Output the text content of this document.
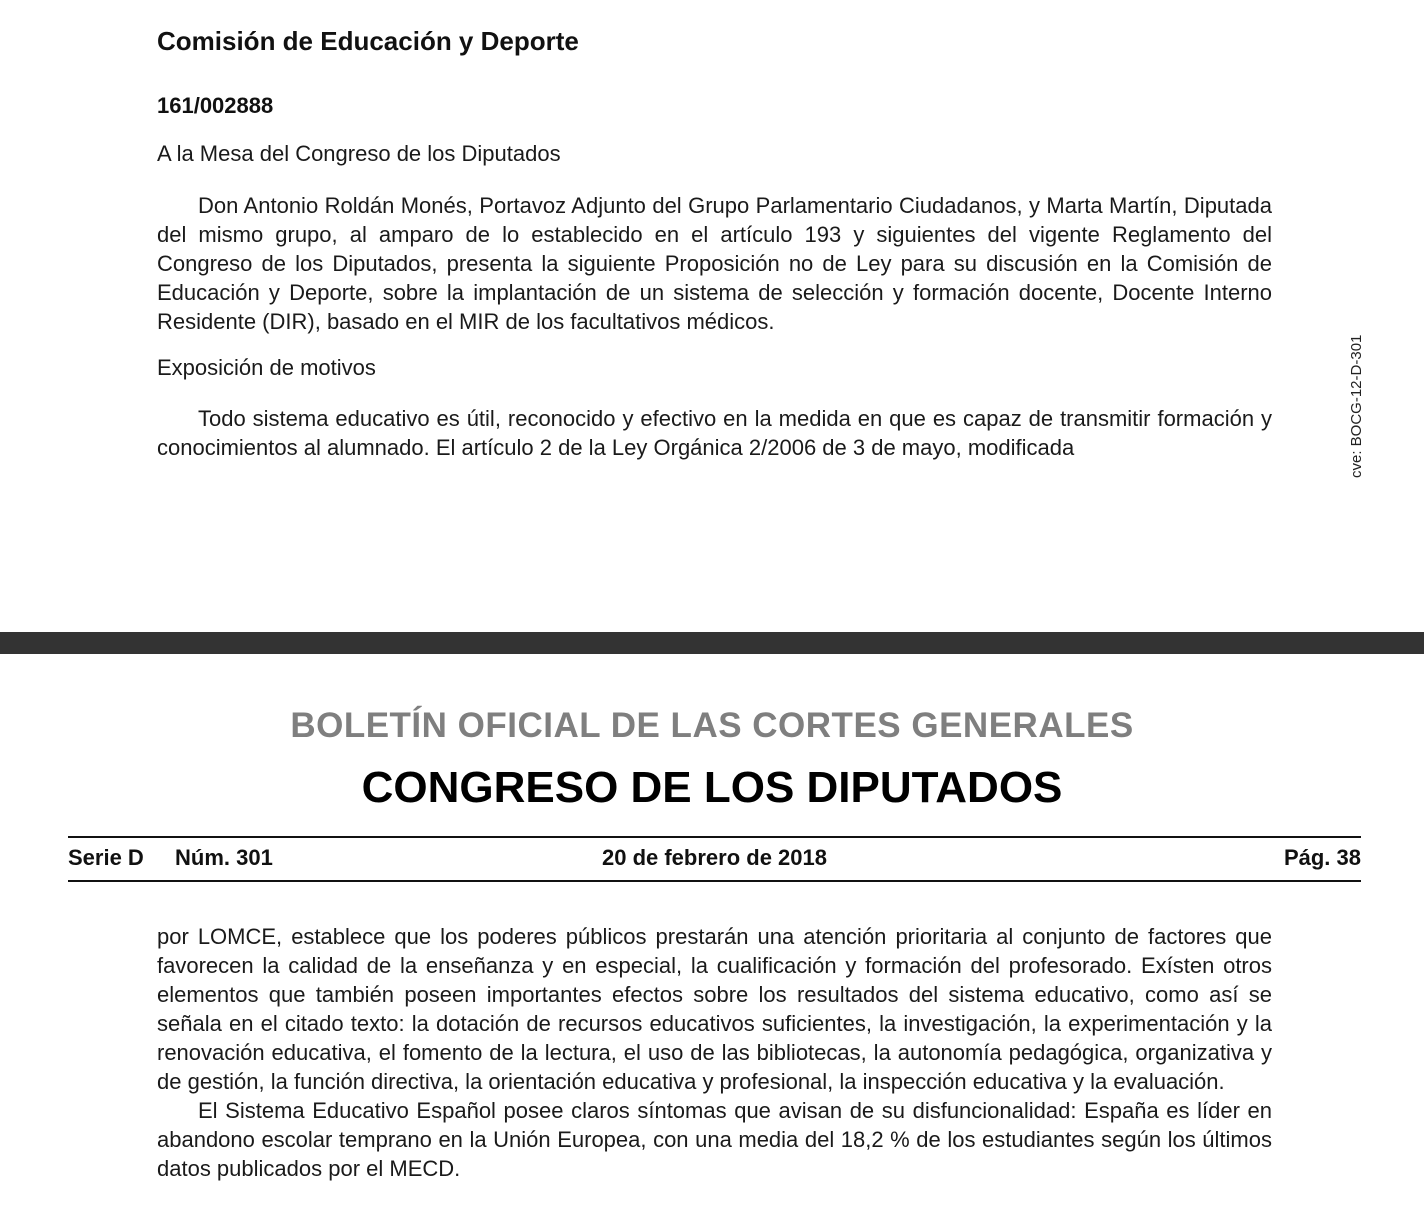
Comisión de Educación y Deporte
161/002888
A la Mesa del Congreso de los Diputados

Don Antonio Roldán Monés, Portavoz Adjunto del Grupo Parlamentario Ciudadanos, y Marta Martín, Diputada del mismo grupo, al amparo de lo establecido en el artículo 193 y siguientes del vigente Reglamento del Congreso de los Diputados, presenta la siguiente Proposición no de Ley para su discusión en la Comisión de Educación y Deporte, sobre la implantación de un sistema de selección y formación docente, Docente Interno Residente (DIR), basado en el MIR de los facultativos médicos.

Exposición de motivos

Todo sistema educativo es útil, reconocido y efectivo en la medida en que es capaz de transmitir formación y conocimientos al alumnado. El artículo 2 de la Ley Orgánica 2/2006 de 3 de mayo, modificada	cve: BOCG-12-D-301
BOLETÍN OFICIAL DE LAS CORTES GENERALES
CONGRESO DE LOS DIPUTADOS
Serie D Núm. 301	20 de febrero de 2018	Pág. 38

por LOMCE, establece que los poderes públicos prestarán una atención prioritaria al conjunto de factores que favorecen la calidad de la enseñanza y en especial, la cualificación y formación del profesorado. Exísten otros elementos que también poseen importantes efectos sobre los resultados del sistema educativo, como así se señala en el citado texto: la dotación de recursos educativos suficientes, la investigación, la experimentación y la renovación educativa, el fomento de la lectura, el uso de las bibliotecas, la autonomía pedagógica, organizativa y de gestión, la función directiva, la orientación educativa y profesional, la inspección educativa y la evaluación.

El Sistema Educativo Español posee claros síntomas que avisan de su disfuncionalidad: España es líder en abandono escolar temprano en la Unión Europea, con una media del 18,2 % de los estudiantes según los últimos datos publicados por el MECD.
